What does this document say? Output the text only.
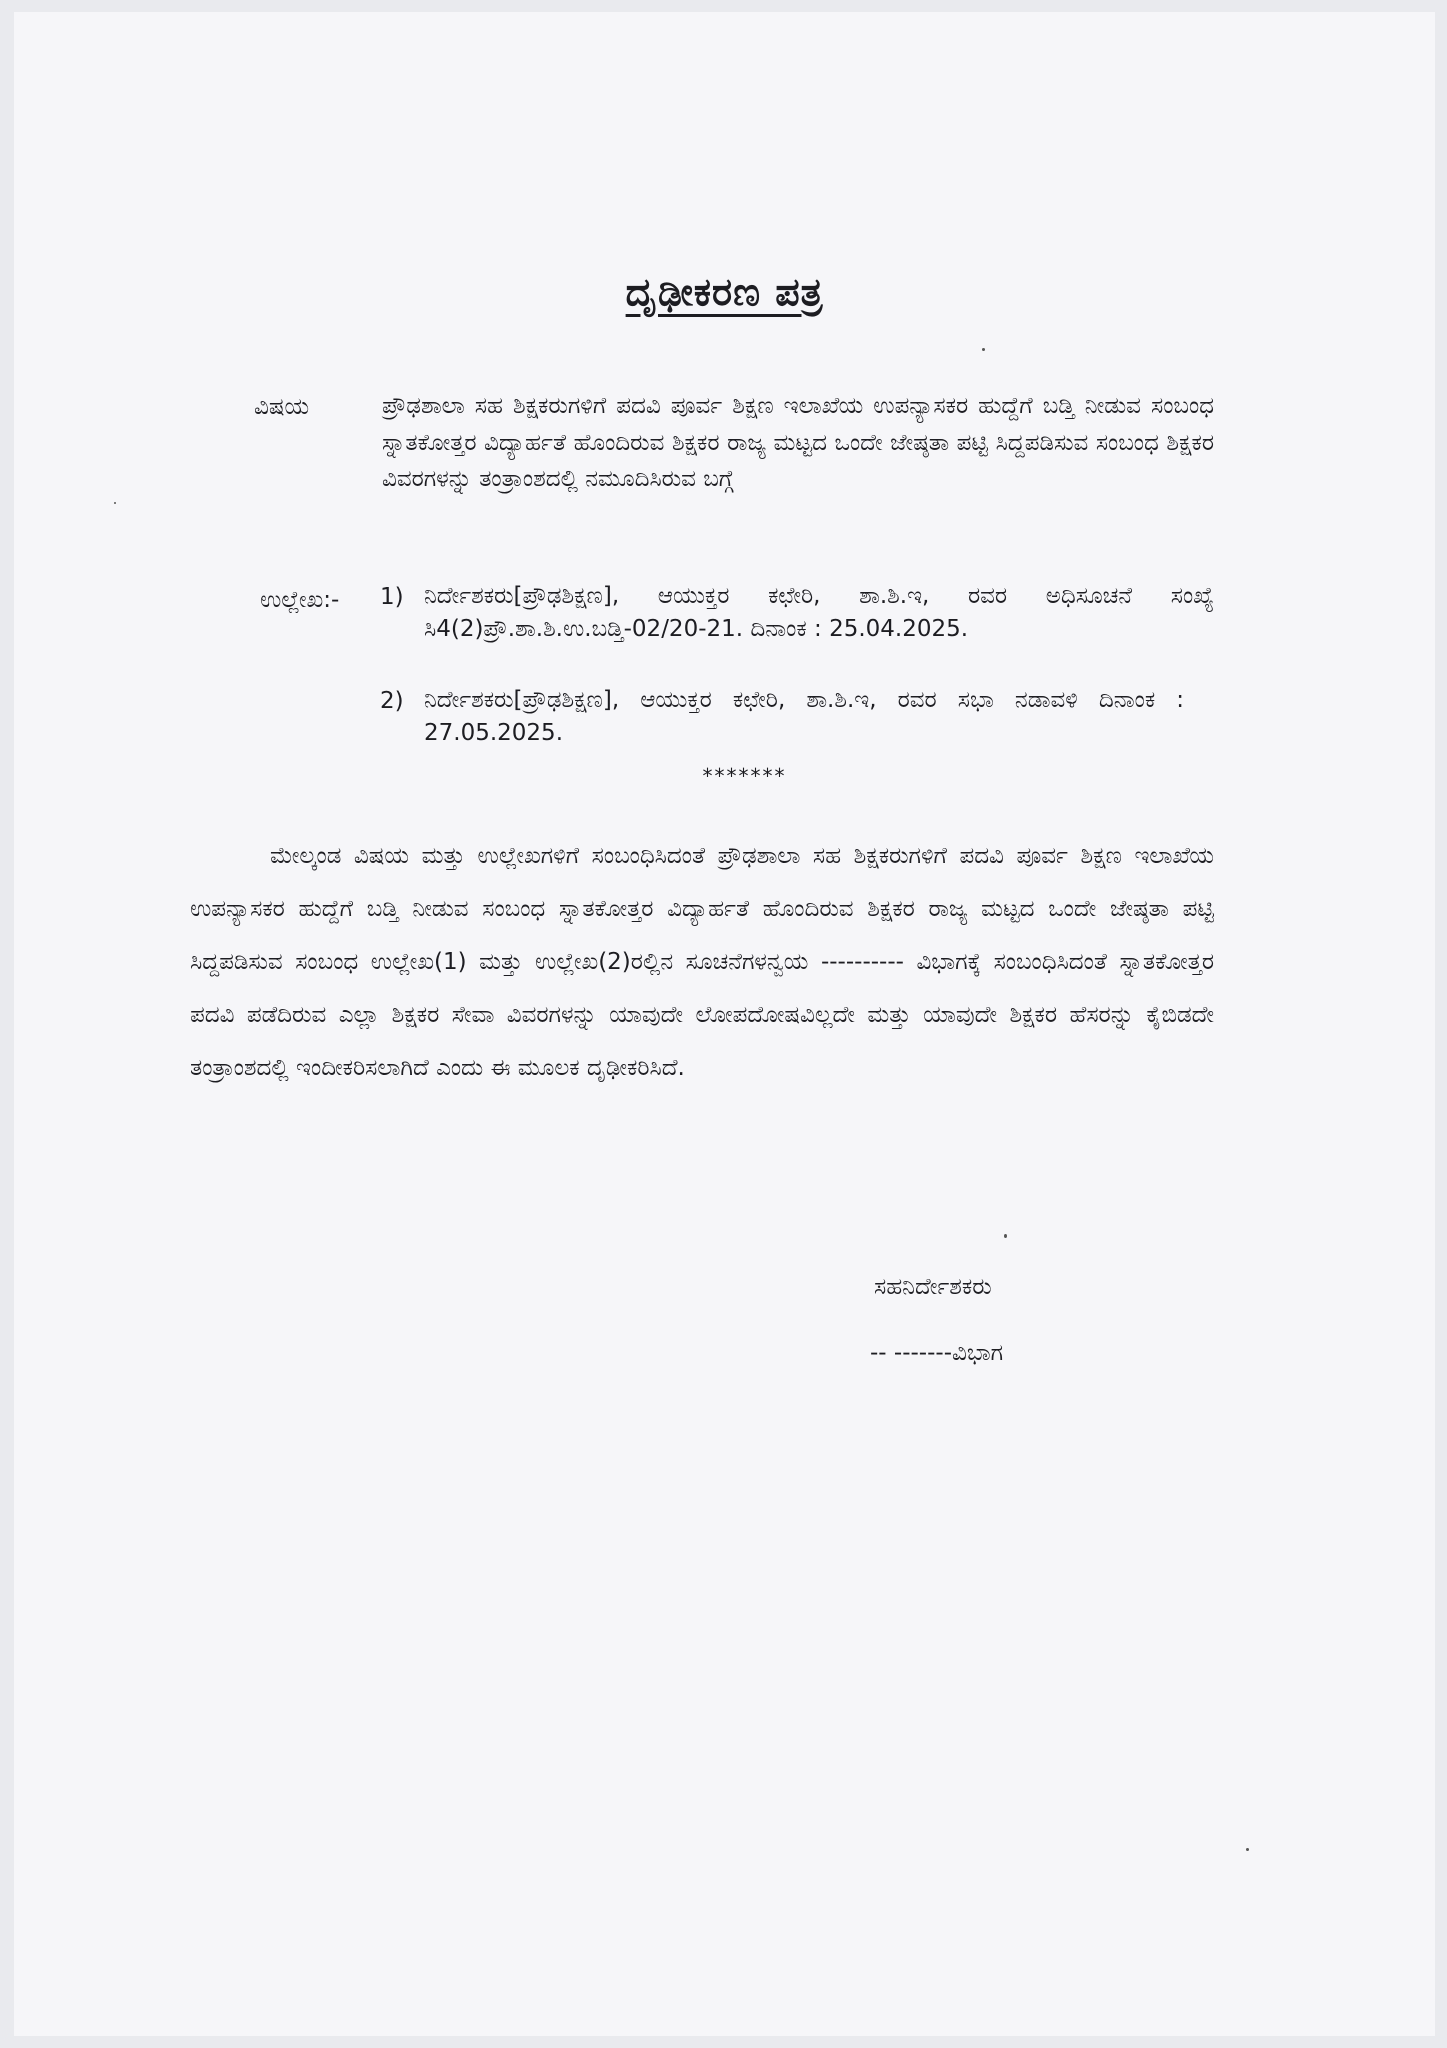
ದೃಢೀಕರಣ ಪತ್ರ
ವಿಷಯ	ಪ್ರೌಢಶಾಲಾ ಸಹ ಶಿಕ್ಷಕರುಗಳಿಗೆ ಪದವಿ ಪೂರ್ವ ಶಿಕ್ಷಣ ಇಲಾಖೆಯ ಉಪನ್ಯಾಸಕರ ಹುದ್ದೆಗೆ ಬಡ್ತಿ ನೀಡುವ ಸಂಬಂಧ ಸ್ನಾತಕೋತ್ತರ ವಿದ್ಯಾರ್ಹತೆ ಹೊಂದಿರುವ ಶಿಕ್ಷಕರ ರಾಜ್ಯ ಮಟ್ಟದ ಒಂದೇ ಜೇಷ್ಠತಾ ಪಟ್ಟಿ ಸಿದ್ದಪಡಿಸುವ ಸಂಬಂಧ ಶಿಕ್ಷಕರ ವಿವರಗಳನ್ನು ತಂತ್ರಾಂಶದಲ್ಲಿ ನಮೂದಿಸಿರುವ ಬಗ್ಗೆ
ಉಲ್ಲೇಖ:- 1) ನಿರ್ದೇಶಕರು[ಪ್ರೌಢಶಿಕ್ಷಣ], ಆಯುಕ್ತರ ಕಛೇರಿ, ಶಾ.ಶಿ.ಇ, ರವರ ಅಧಿಸೂಚನೆ ಸಂಖ್ಯೆ ಸಿ4(2)ಪ್ರೌ.ಶಾ.ಶಿ.ಉ.ಬಡ್ತಿ-02/20-21. ದಿನಾಂಕ : 25.04.2025.
2) ನಿರ್ದೇಶಕರು[ಪ್ರೌಢಶಿಕ್ಷಣ], ಆಯುಕ್ತರ ಕಛೇರಿ, ಶಾ.ಶಿ.ಇ, ರವರ ಸಭಾ ನಡಾವಳಿ ದಿನಾಂಕ : 27.05.2025.
*******
ಮೇಲ್ಕಂಡ ವಿಷಯ ಮತ್ತು ಉಲ್ಲೇಖಗಳಿಗೆ ಸಂಬಂಧಿಸಿದಂತೆ ಪ್ರೌಢಶಾಲಾ ಸಹ ಶಿಕ್ಷಕರುಗಳಿಗೆ ಪದವಿ ಪೂರ್ವ ಶಿಕ್ಷಣ ಇಲಾಖೆಯ ಉಪನ್ಯಾಸಕರ ಹುದ್ದೆಗೆ ಬಡ್ತಿ ನೀಡುವ ಸಂಬಂಧ ಸ್ನಾತಕೋತ್ತರ ವಿದ್ಯಾರ್ಹತೆ ಹೊಂದಿರುವ ಶಿಕ್ಷಕರ ರಾಜ್ಯ ಮಟ್ಟದ ಒಂದೇ ಜೇಷ್ಠತಾ ಪಟ್ಟಿ ಸಿದ್ದಪಡಿಸುವ ಸಂಬಂಧ ಉಲ್ಲೇಖ(1) ಮತ್ತು ಉಲ್ಲೇಖ(2)ರಲ್ಲಿನ ಸೂಚನೆಗಳನ್ವಯ ---------- ವಿಭಾಗಕ್ಕೆ ಸಂಬಂಧಿಸಿದಂತೆ ಸ್ನಾತಕೋತ್ತರ ಪದವಿ ಪಡೆದಿರುವ ಎಲ್ಲಾ ಶಿಕ್ಷಕರ ಸೇವಾ ವಿವರಗಳನ್ನು ಯಾವುದೇ ಲೋಪದೋಷವಿಲ್ಲದೇ ಮತ್ತು ಯಾವುದೇ ಶಿಕ್ಷಕರ ಹೆಸರನ್ನು ಕೈಬಿಡದೇ ತಂತ್ರಾಂಶದಲ್ಲಿ ಇಂದೀಕರಿಸಲಾಗಿದೆ ಎಂದು ಈ ಮೂಲಕ ದೃಢೀಕರಿಸಿದೆ.
ಸಹನಿರ್ದೇಶಕರು
-- -------ವಿಭಾಗ
